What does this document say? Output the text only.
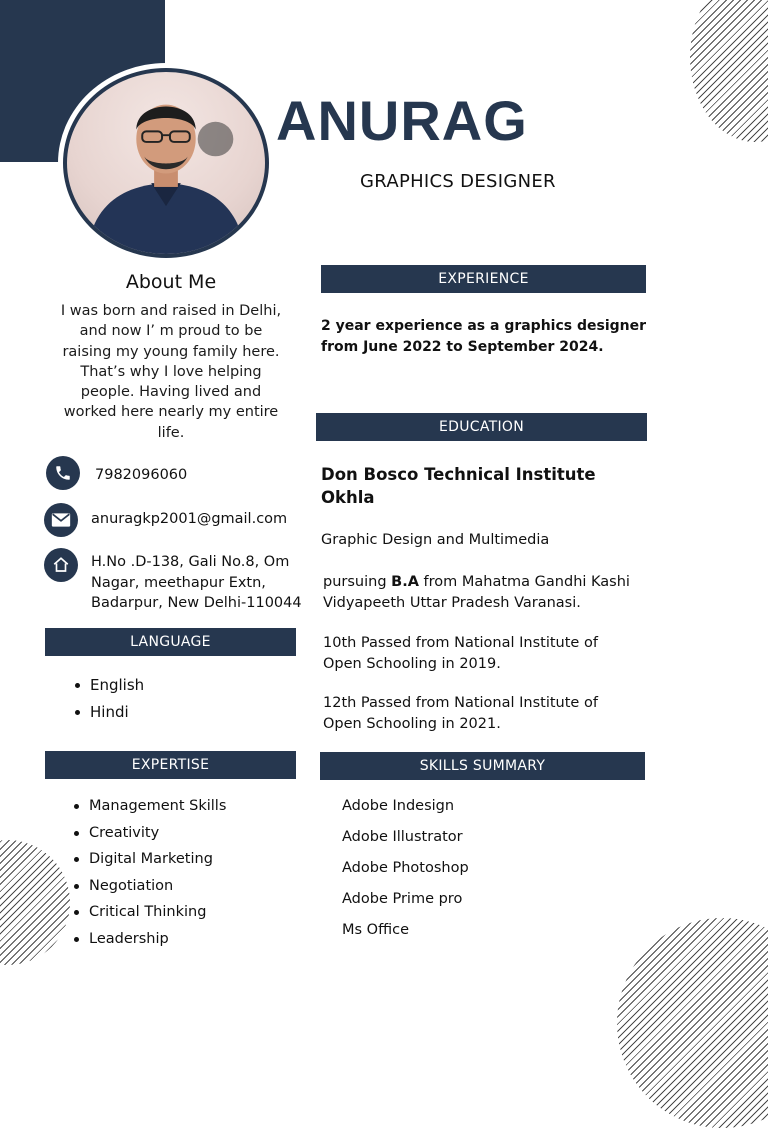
ANURAG
GRAPHICS DESIGNER
About Me
I was born and raised in Delhi, and now I’ m proud to be raising my young family here. That’s why I love helping people. Having lived and worked here nearly my entire life.
7982096060
anuragkp2001@gmail.com
H.No .D-138, Gali No.8, Om Nagar, meethapur Extn, Badarpur, New Delhi-110044
LANGUAGE
English
Hindi
EXPERTISE
Management Skills
Creativity
Digital Marketing
Negotiation
Critical Thinking
Leadership
EXPERIENCE
2 year experience as a graphics designer from June 2022 to September 2024.
EDUCATION
Don Bosco Technical Institute Okhla
Graphic Design and Multimedia
pursuing B.A from Mahatma Gandhi Kashi Vidyapeeth Uttar Pradesh Varanasi.
10th Passed from National Institute of Open Schooling in 2019.
12th Passed from National Institute of Open Schooling in 2021.
SKILLS SUMMARY
Adobe Indesign
Adobe Illustrator
Adobe Photoshop
Adobe Prime pro
Ms Office
